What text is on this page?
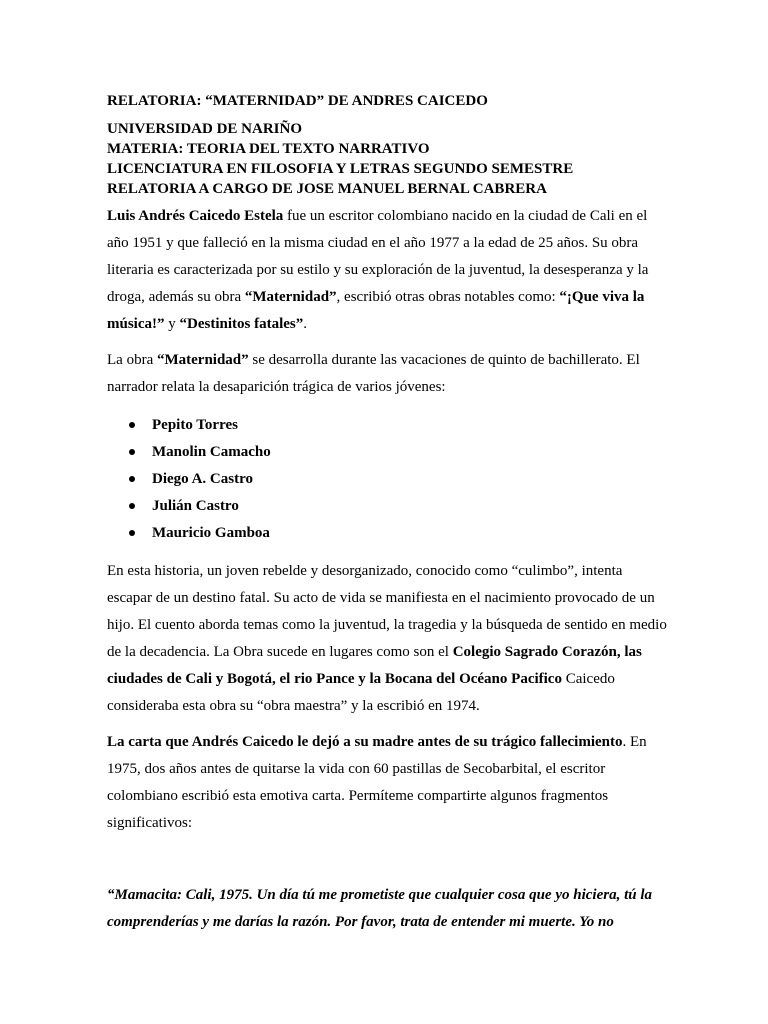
RELATORIA: “MATERNIDAD” DE ANDRES CAICEDO
UNIVERSIDAD DE NARIÑO
MATERIA: TEORIA DEL TEXTO NARRATIVO
LICENCIATURA EN FILOSOFIA Y LETRAS SEGUNDO SEMESTRE
RELATORIA A CARGO DE JOSE MANUEL BERNAL CABRERA

Luis Andrés Caicedo Estela fue un escritor colombiano nacido en la ciudad de Cali en el año 1951 y que falleció en la misma ciudad en el año 1977 a la edad de 25 años. Su obra literaria es caracterizada por su estilo y su exploración de la juventud, la desesperanza y la droga, además su obra “Maternidad”, escribió otras obras notables como: “¡Que viva la música!” y “Destinitos fatales”.

La obra “Maternidad” se desarrolla durante las vacaciones de quinto de bachillerato. El narrador relata la desaparición trágica de varios jóvenes:

Pepito Torres
Manolin Camacho
Diego A. Castro
Julián Castro
Mauricio Gamboa

En esta historia, un joven rebelde y desorganizado, conocido como “culimbo”, intenta escapar de un destino fatal. Su acto de vida se manifiesta en el nacimiento provocado de un hijo. El cuento aborda temas como la juventud, la tragedia y la búsqueda de sentido en medio de la decadencia. La Obra sucede en lugares como son el Colegio Sagrado Corazón, las ciudades de Cali y Bogotá, el rio Pance y la Bocana del Océano Pacifico Caicedo consideraba esta obra su “obra maestra” y la escribió en 1974.

La carta que Andrés Caicedo le dejó a su madre antes de su trágico fallecimiento. En 1975, dos años antes de quitarse la vida con 60 pastillas de Secobarbital, el escritor colombiano escribió esta emotiva carta. Permíteme compartirte algunos fragmentos significativos:

“Mamacita: Cali, 1975. Un día tú me prometiste que cualquier cosa que yo hiciera, tú la comprenderías y me darías la razón. Por favor, trata de entender mi muerte. Yo no
